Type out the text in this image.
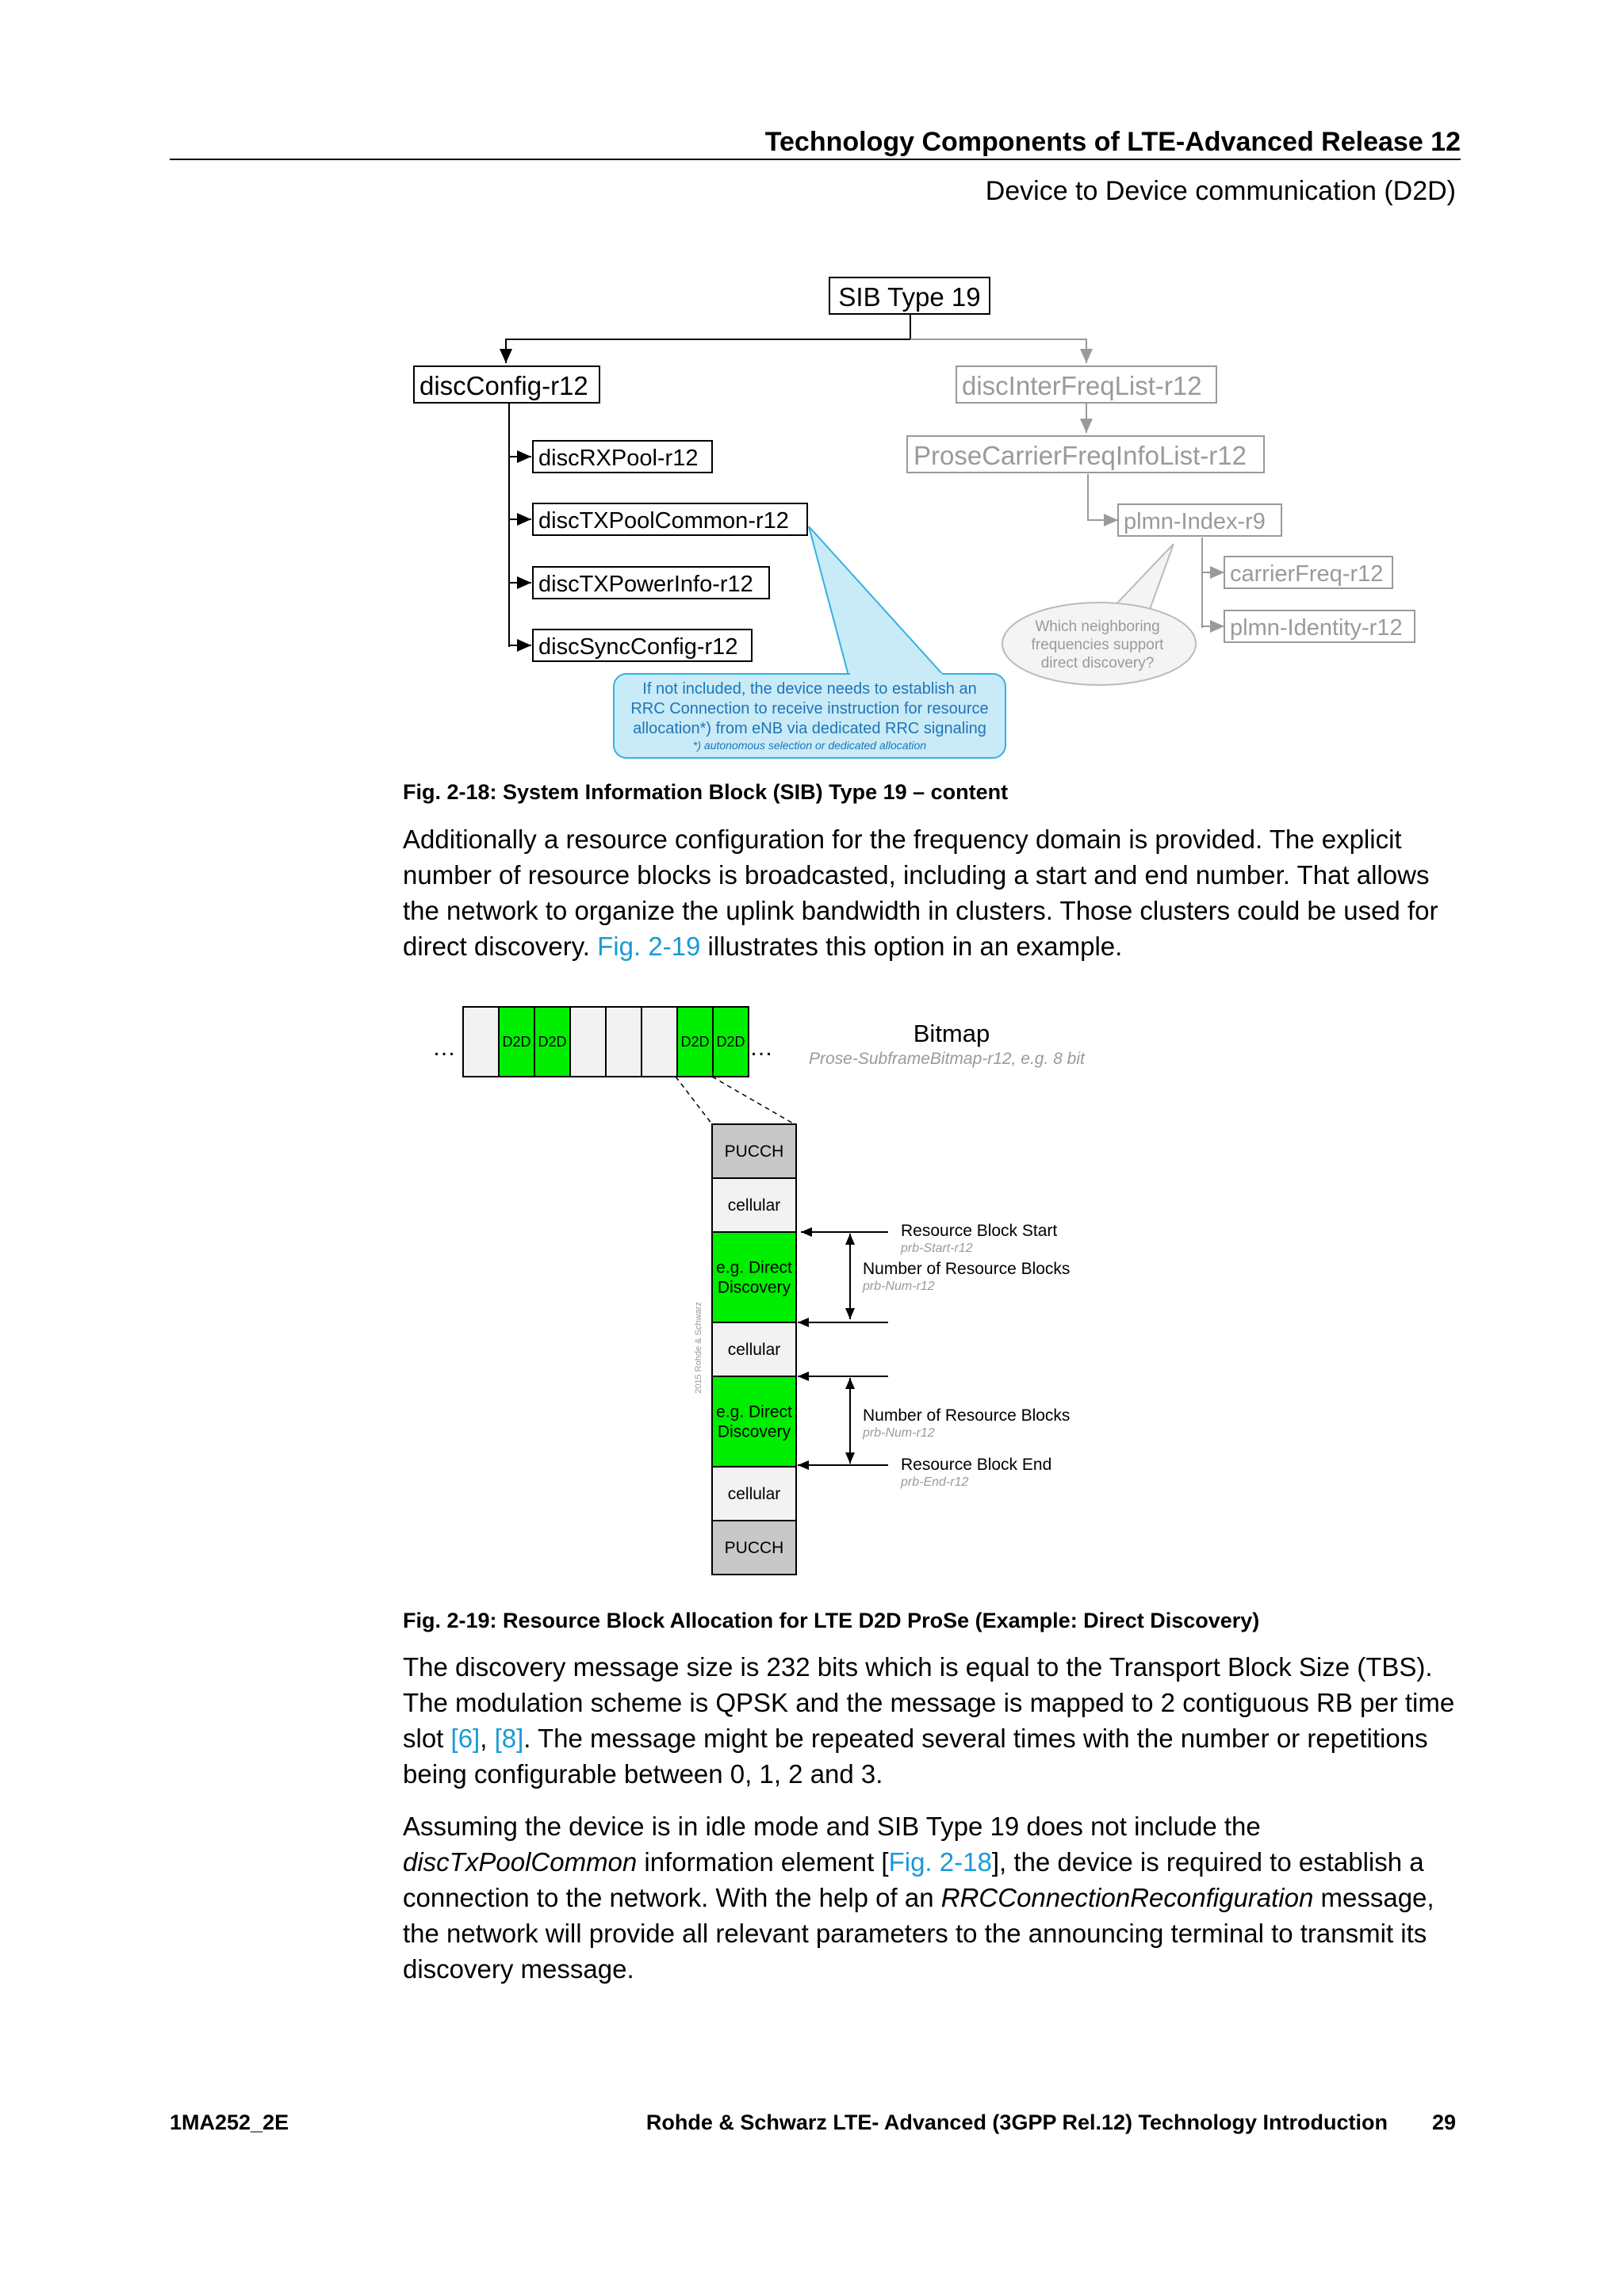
Technology Components of LTE-Advanced Release 12
Device to Device communication (D2D)
SIB Type 19
discConfig-r12
discRXPool-r12
discTXPoolCommon-r12
discTXPowerInfo-r12
discSyncConfig-r12
discInterFreqList-r12
ProseCarrierFreqInfoList-r12
plmn-Index-r9
carrierFreq-r12
plmn-Identity-r12
Which neighboring
frequencies support
direct discovery?
If not included, the device needs to establish an
RRC Connection to receive instruction for resource
allocation*) from eNB via dedicated RRC signaling
*) autonomous selection or dedicated allocation
Fig. 2-18: System Information Block (SIB) Type 19 – content

Additionally a resource configuration for the frequency domain is provided. The explicit number of resource blocks is broadcasted, including a start and end number. That allows the network to organize the uplink bandwidth in clusters. Those clusters could be used for direct discovery. Fig. 2-19 illustrates this option in an example.

…	D2D D2D	D2D D2D …
Bitmap
Prose-SubframeBitmap-r12, e.g. 8 bit
PUCCH
cellular
e.g. Direct
Discovery
cellular
e.g. Direct
Discovery
cellular
PUCCH
Resource Block Start
prb-Start-r12
Number of Resource Blocks
prb-Num-r12
Number of Resource Blocks
prb-Num-r12
Resource Block End
prb-End-r12
2015 Rohde & Schwarz
Fig. 2-19: Resource Block Allocation for LTE D2D ProSe (Example: Direct Discovery)

The discovery message size is 232 bits which is equal to the Transport Block Size (TBS). The modulation scheme is QPSK and the message is mapped to 2 contiguous RB per time slot [6], [8]. The message might be repeated several times with the number or repetitions being configurable between 0, 1, 2 and 3.

Assuming the device is in idle mode and SIB Type 19 does not include the discTxPoolCommon information element [Fig. 2-18], the device is required to establish a connection to the network. With the help of an RRCConnectionReconfiguration message, the network will provide all relevant parameters to the announcing terminal to transmit its discovery message.

1MA252_2E	Rohde & Schwarz LTE- Advanced (3GPP Rel.12) Technology Introduction	29
